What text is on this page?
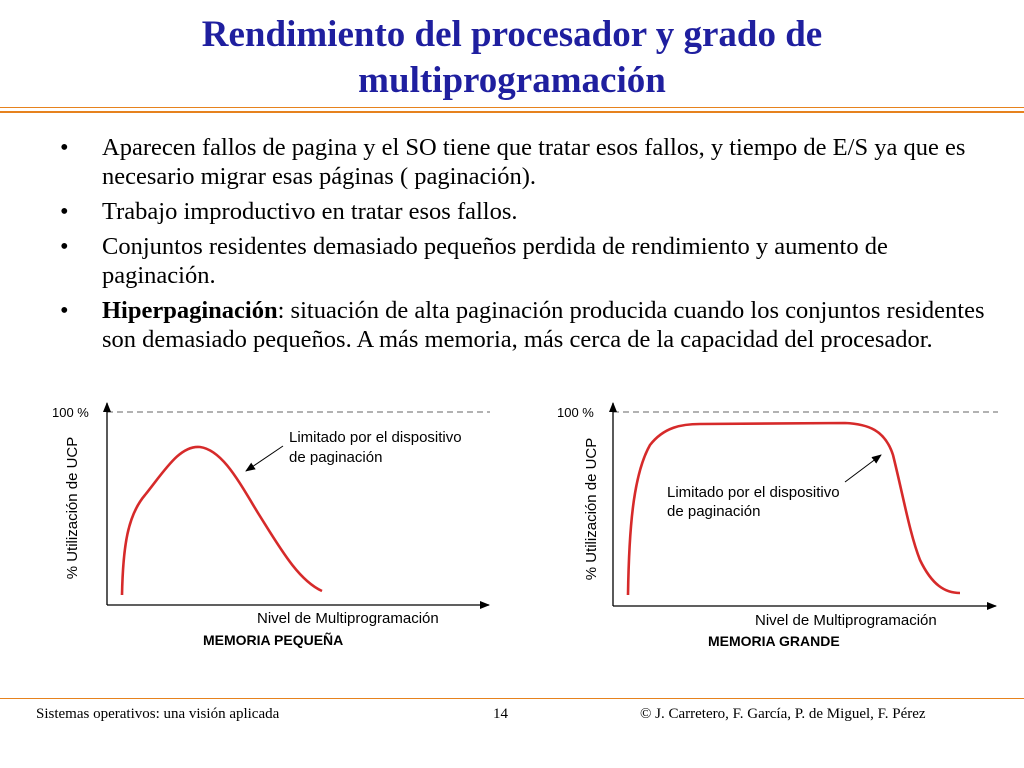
Rendimiento del procesador y grado de
multiprogramación
• Aparecen fallos de pagina y el SO tiene que tratar esos fallos, y tiempo de E/S ya que es necesario migrar esas páginas ( paginación).
• Trabajo improductivo en tratar esos fallos.
• Conjuntos residentes demasiado pequeños perdida de rendimiento y aumento de paginación.
• Hiperpaginación: situación de alta paginación producida cuando los conjuntos residentes son demasiado pequeños. A más memoria, más cerca de la capacidad del procesador.
100 %
% Utilización de UCP
Nivel de Multiprogramación
Limitado por el dispositivo
de paginación
MEMORIA PEQUEÑA
100 %
% Utilización de UCP
Nivel de Multiprogramación
Limitado por el dispositivo
de paginación
MEMORIA GRANDE
Sistemas operativos: una visión aplicada	14	© J. Carretero, F. García, P. de Miguel, F. Pérez
